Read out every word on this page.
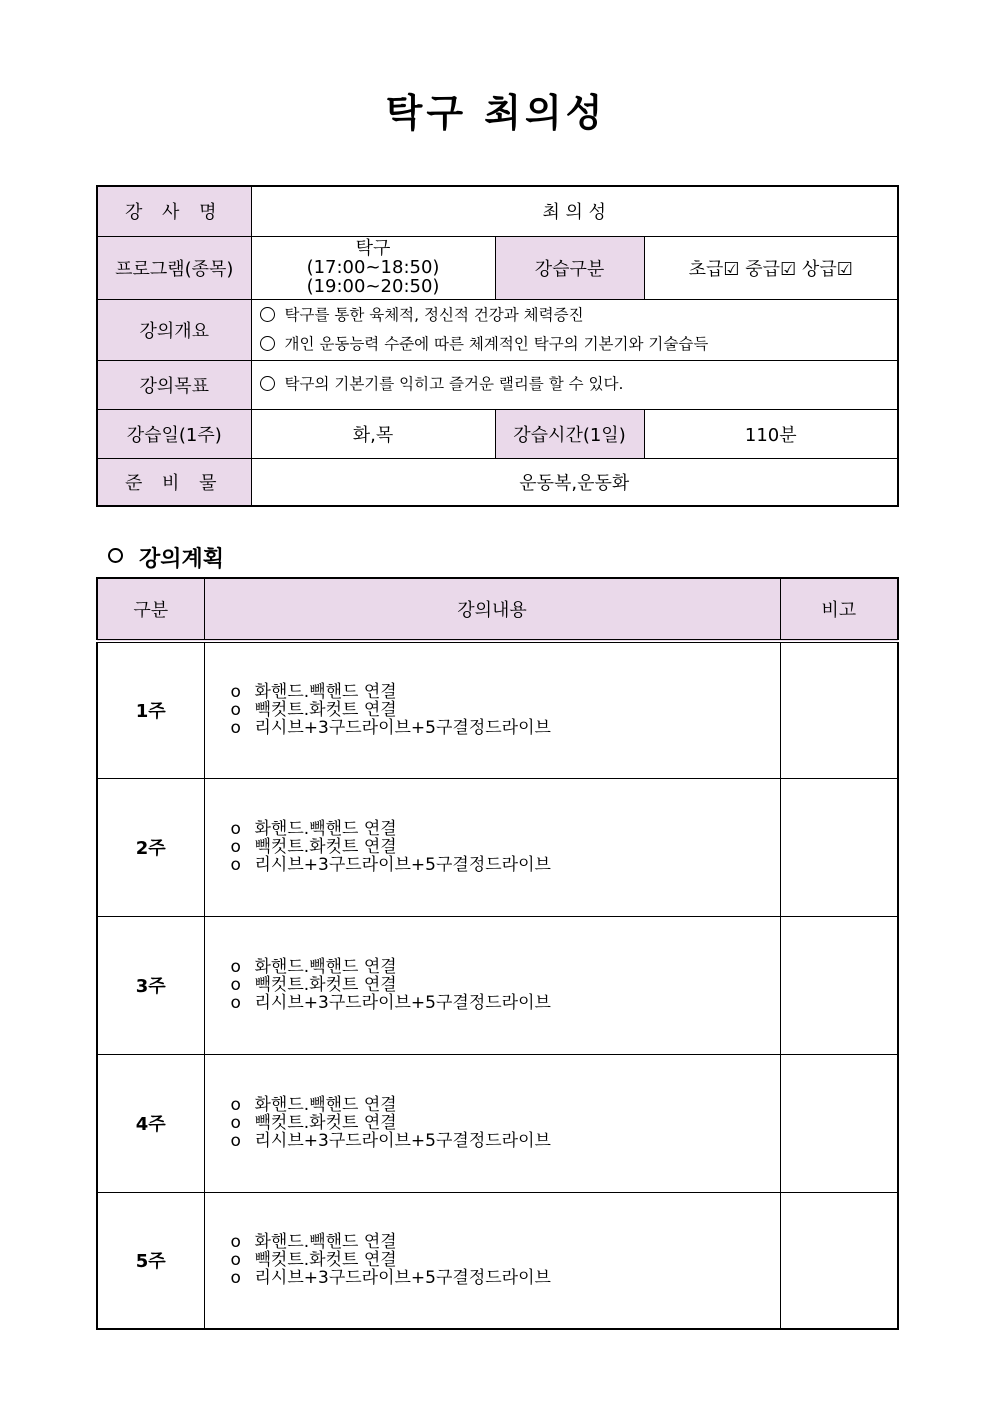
탁구 최의성
강 사 명	최 의 성		
프로그램(종목)	탁구
(17:00~18:50)
(19:00~20:50)	강습구분	초급☑ 중급☑ 상급☑
강의개요	탁구를 통한 육체적, 정신적 건강과 체력증진
개인 운동능력 수준에 따른 체계적인 탁구의 기본기와 기술습득		

강의목표	탁구의 기본기를 익히고 즐거운 랠리를 할 수 있다.		
강습일(1주)	화,목	강습시간(1일)	110분
준 비 물	운동복,운동화		
강의계획
구분	강의내용	비고
1주	o 화핸드.빽핸드 연결
o 빽컷트.화컷트 연결
o 리시브+3구드라이브+5구결정드라이브	

2주	o 화핸드.빽핸드 연결
o 빽컷트.화컷트 연결
o 리시브+3구드라이브+5구결정드라이브	

3주	o 화핸드.빽핸드 연결
o 빽컷트.화컷트 연결
o 리시브+3구드라이브+5구결정드라이브	

4주	o 화핸드.빽핸드 연결
o 빽컷트.화컷트 연결
o 리시브+3구드라이브+5구결정드라이브	

5주	o 화핸드.빽핸드 연결
o 빽컷트.화컷트 연결
o 리시브+3구드라이브+5구결정드라이브	
